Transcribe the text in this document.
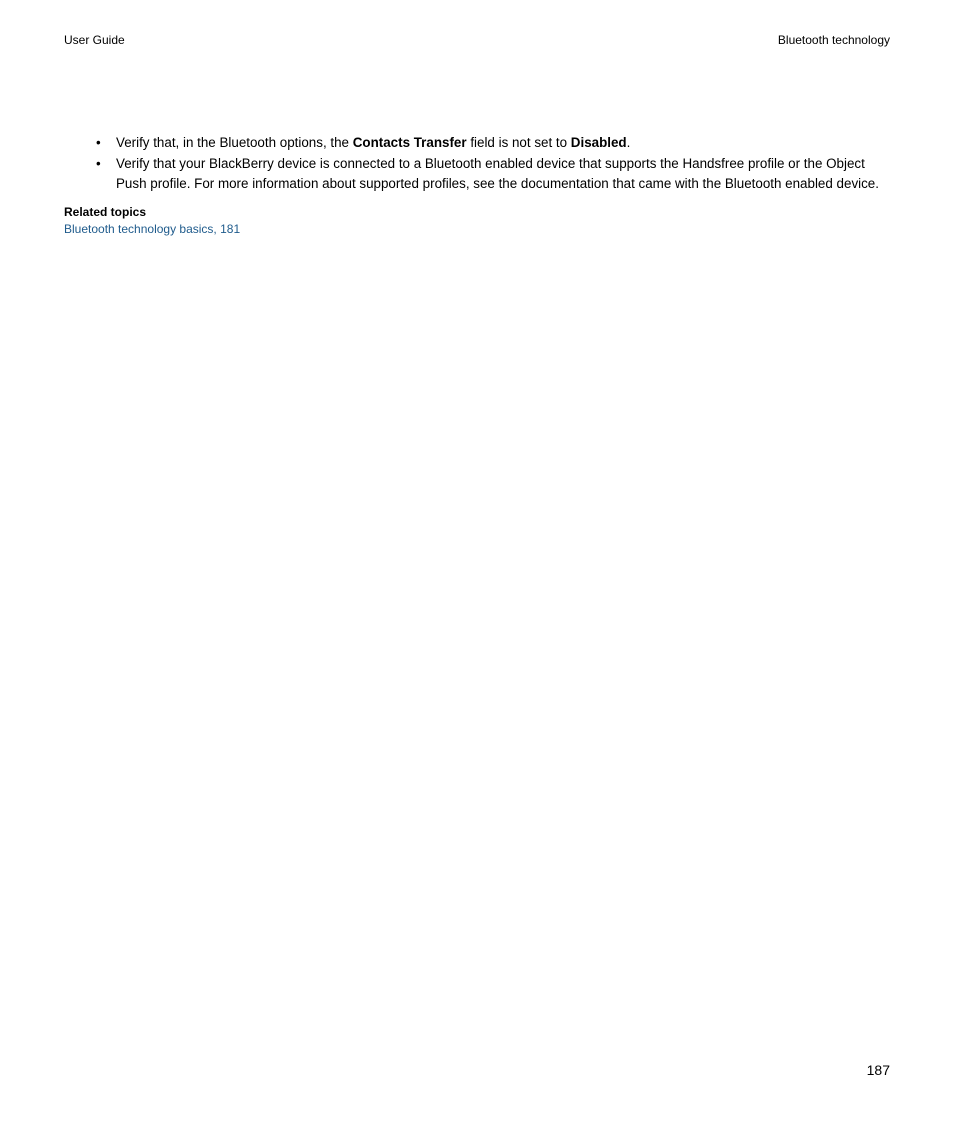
User Guide	Bluetooth technology
•	Verify that, in the Bluetooth options, the Contacts Transfer field is not set to Disabled.
•	Verify that your BlackBerry device is connected to a Bluetooth enabled device that supports the Handsfree profile or the Object Push profile. For more information about supported profiles, see the documentation that came with the Bluetooth enabled device.
Related topics
Bluetooth technology basics, 181
187
